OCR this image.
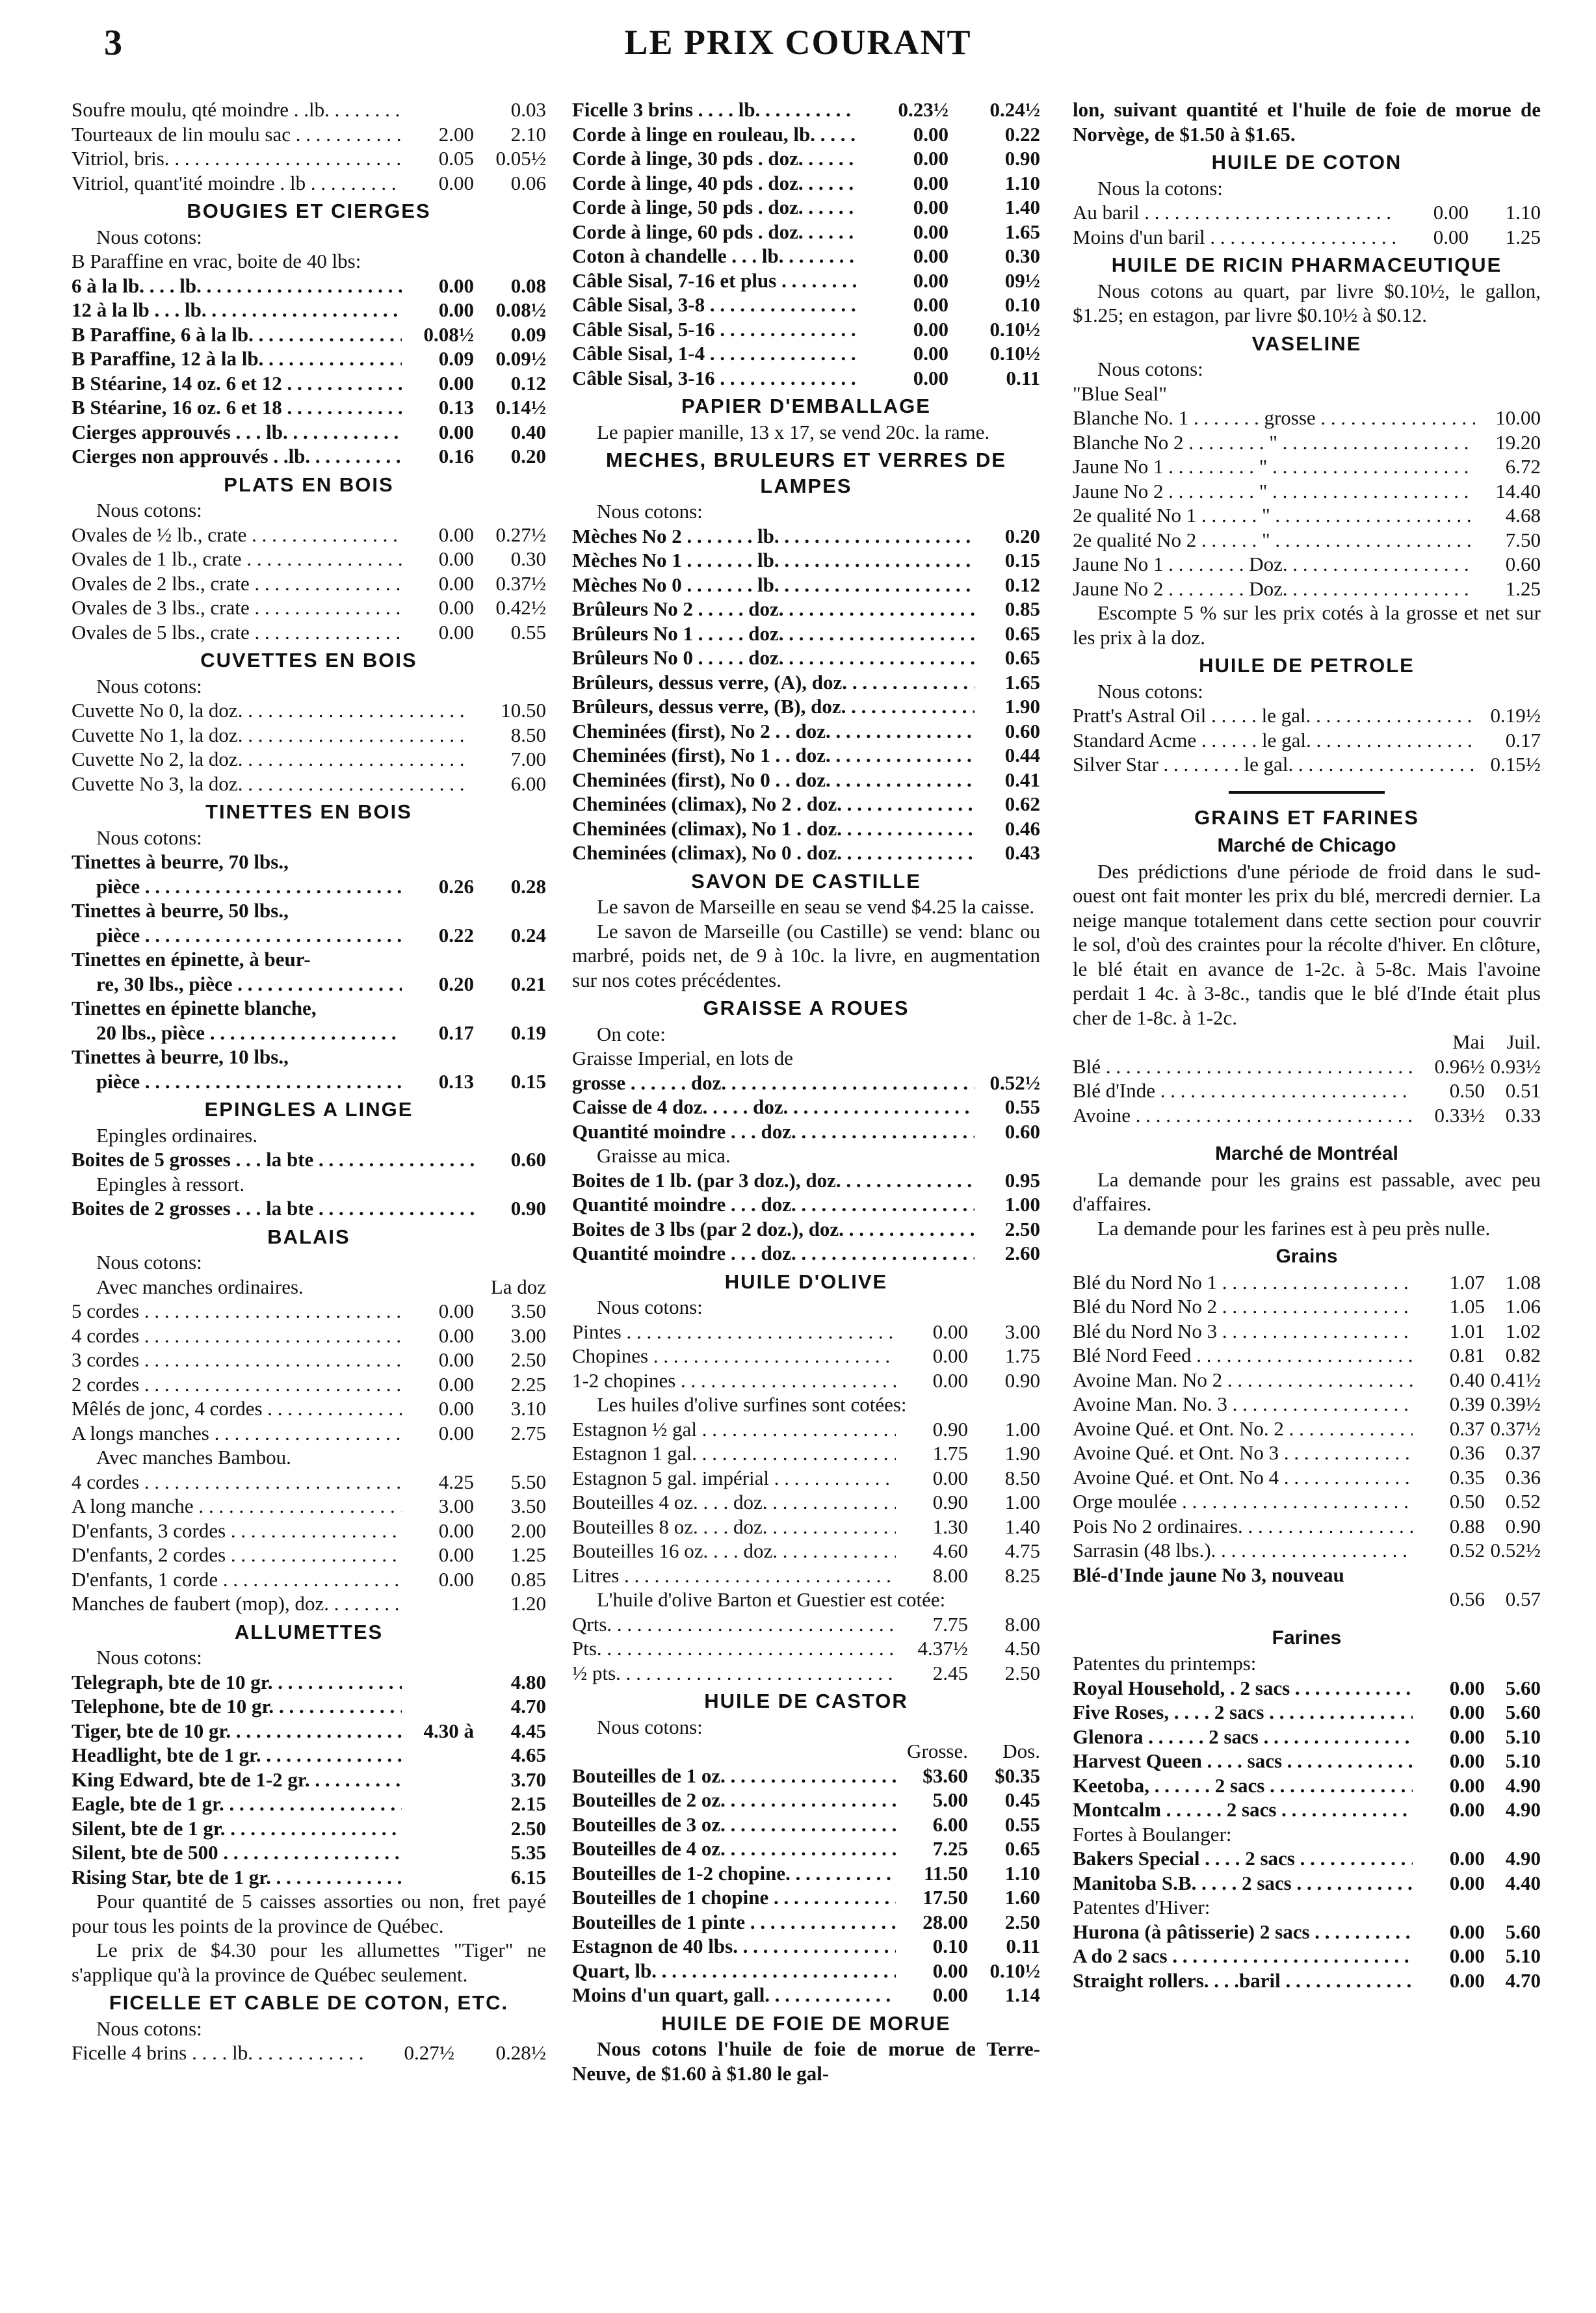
3	LE PRIX COURANT
Soufre moulu, qté moindre . .lb. . . .	0.03
Tourteaux de lin moulu sac . . .	2.00	2.10
Vitriol, bris. . . .	0.05	0.05½
Vitriol, quant'ité moindre . lb . . .	0.00	0.06
BOUGIES ET CIERGES
Nous cotons:
B Paraffine en vrac, boite de 40 lbs:
6 à la lb. . . . lb. . . .	0.00	0.08
12 à la lb . . . lb. . . .	0.00	0.08½
B Paraffine, 6 à la lb. . . . . .	0.08½	0.09
B Paraffine, 12 à la lb. . . . . .	0.09	0.09½
B Stéarine, 14 oz. 6 et 12 . . . . .	0.00	0.12
B Stéarine, 16 oz. 6 et 18 . . . .	0.13	0.14½
Cierges approuvés . . . lb. . . .	0.00	0.40
Cierges non approuvés . .lb. . . .	0.16	0.20
PLATS EN BOIS
Nous cotons:
Ovales de ½ lb., crate . . .	0.00	0.27½
Ovales de 1 lb., crate . . .	0.00	0.30
Ovales de 2 lbs., crate . . .	0.00	0.37½
Ovales de 3 lbs., crate . . .	0.00	0.42½
Ovales de 5 lbs., crate . . .	0.00	0.55
CUVETTES EN BOIS
Nous cotons:
Cuvette No 0, la doz. . . .	10.50
Cuvette No 1, la doz. . . .	8.50
Cuvette No 2, la doz. . . .	7.00
Cuvette No 3, la doz. . . .	6.00
TINETTES EN BOIS
Nous cotons:
Tinettes à beurre, 70 lbs.,
pièce . . .	0.26	0.28
Tinettes à beurre, 50 lbs.,
pièce . . .	0.22	0.24
Tinettes en épinette, à beur-
re, 30 lbs., pièce . . .	0.20	0.21
Tinettes en épinette blanche,
20 lbs., pièce . . .	0.17	0.19
Tinettes à beurre, 10 lbs.,
pièce . . .	0.13	0.15
EPINGLES A LINGE
Epingles ordinaires.
Boites de 5 grosses . . . la bte . . .	0.60
Epingles à ressort.
Boites de 2 grosses . . . la bte . . .	0.90
BALAIS
Nous cotons:
Avec manches ordinaires.	La doz
5 cordes . . .	0.00	3.50
4 cordes . . .	0.00	3.00
3 cordes . . .	0.00	2.50
2 cordes . . .	0.00	2.25
Mêlés de jonc, 4 cordes . . .	0.00	3.10
A longs manches . . .	0.00	2.75
Avec manches Bambou.
4 cordes . . .	4.25	5.50
A long manche . . .	3.00	3.50
D'enfants, 3 cordes . . .	0.00	2.00
D'enfants, 2 cordes . . .	0.00	1.25
D'enfants, 1 corde . . .	0.00	0.85
Manches de faubert (mop), doz. . . .	1.20
ALLUMETTES
Nous cotons:
Telegraph, bte de 10 gr. . . .	4.80
Telephone, bte de 10 gr. . . .	4.70
Tiger, bte de 10 gr. . . . . . .	4.30 à	4.45
Headlight, bte de 1 gr. . . .	4.65
King Edward, bte de 1-2 gr. . . .	3.70
Eagle, bte de 1 gr. . . .	2.15
Silent, bte de 1 gr. . . .	2.50
Silent, bte de 500 . . .	5.35
Rising Star, bte de 1 gr. . . .	6.15
Pour quantité de 5 caisses assorties ou non, fret payé pour tous les points de la province de Québec.
Le prix de $4.30 pour les allumettes "Tiger" ne s'applique qu'à la province de Québec seulement.
FICELLE ET CABLE DE COTON, ETC.
Nous cotons:
Ficelle 4 brins . . . . lb. . . .	0.27½	0.28½
Ficelle 3 brins . . . . lb. . . .	0.23½	0.24½
Corde à linge en rouleau, lb. . . .	0.00	0.22
Corde à linge, 30 pds . doz. . . .	0.00	0.90
Corde à linge, 40 pds . doz. . . .	0.00	1.10
Corde à linge, 50 pds . doz. . . .	0.00	1.40
Corde à linge, 60 pds . doz. . . .	0.00	1.65
Coton à chandelle . . . lb. . . .	0.00	0.30
Câble Sisal, 7-16 et plus . . . . .	0.00	09½
Câble Sisal, 3-8 . . .	0.00	0.10
Câble Sisal, 5-16 . . .	0.00	0.10½
Câble Sisal, 1-4 . . .	0.00	0.10½
Câble Sisal, 3-16 . . .	0.00	0.11
PAPIER D'EMBALLAGE
Le papier manille, 13 x 17, se vend 20c. la rame.
MECHES, BRULEURS ET VERRES DE
LAMPES
Nous cotons:
Mèches No 2 . . . . . . . lb. . . .	0.20
Mèches No 1 . . . . . . . lb. . . .	0.15
Mèches No 0 . . . . . . . lb. . . .	0.12
Brûleurs No 2 . . . . . doz. . . .	0.85
Brûleurs No 1 . . . . . doz. . . .	0.65
Brûleurs No 0 . . . . . doz. . . .	0.65
Brûleurs, dessus verre, (A), doz. . . .	1.65
Brûleurs, dessus verre, (B), doz. . . .	1.90
Cheminées (first), No 2 . . doz. . . .	0.60
Cheminées (first), No 1 . . doz. . . .	0.44
Cheminées (first), No 0 . . doz. . . .	0.41
Cheminées (climax), No 2 . doz. . . .	0.62
Cheminées (climax), No 1 . doz. . . .	0.46
Cheminées (climax), No 0 . doz. . . .	0.43
SAVON DE CASTILLE
Le savon de Marseille en seau se vend $4.25 la caisse.
Le savon de Marseille (ou Castille) se vend: blanc ou marbré, poids net, de 9 à 10c. la livre, en augmentation sur nos cotes précédentes.
GRAISSE A ROUES
On cote:
Graisse Imperial, en lots de
grosse . . . . . . doz. . . .	0.52½
Caisse de 4 doz. . . . . doz. . . .	0.55
Quantité moindre . . . doz. . . .	0.60
Graisse au mica.
Boites de 1 lb. (par 3 doz.), doz. . . .	0.95
Quantité moindre . . . doz. . . .	1.00
Boites de 3 lbs (par 2 doz.), doz. . . .	2.50
Quantité moindre . . . doz. . . .	2.60
HUILE D'OLIVE
Nous cotons:
Pintes . . .	0.00	3.00
Chopines . . .	0.00	1.75
1-2 chopines . . .	0.00	0.90
Les huiles d'olive surfines sont cotées:
Estagnon ½ gal . . .	0.90	1.00
Estagnon 1 gal. . . .	1.75	1.90
Estagnon 5 gal. impérial . . . . .	0.00	8.50
Bouteilles 4 oz. . . . doz. . . .	0.90	1.00
Bouteilles 8 oz. . . . doz. . . .	1.30	1.40
Bouteilles 16 oz. . . . doz. . . .	4.60	4.75
Litres . . .	8.00	8.25
L'huile d'olive Barton et Guestier est cotée:
Qrts. . . .	7.75	8.00
Pts. . . .	4.37½	4.50
½ pts. . . .	2.45	2.50
HUILE DE CASTOR
Nous cotons:
Grosse.	Dos.
Bouteilles de 1 oz. . . . . . .	$3.60	$0.35
Bouteilles de 2 oz. . . . . . .	5.00	0.45
Bouteilles de 3 oz. . . . . . .	6.00	0.55
Bouteilles de 4 oz. . . . . . .	7.25	0.65
Bouteilles de 1-2 chopine. . . .	11.50	1.10
Bouteilles de 1 chopine . . . .	17.50	1.60
Bouteilles de 1 pinte . . . . .	28.00	2.50
Estagnon de 40 lbs. . . . . . .	0.10	0.11
Quart, lb. . . . . . . . . . .	0.00	0.10½
Moins d'un quart, gall. . . . . .	0.00	1.14
HUILE DE FOIE DE MORUE
Nous cotons l'huile de foie de morue de Terre-Neuve, de $1.60 à $1.80 le gal-
lon, suivant quantité et l'huile de foie de morue de Norvège, de $1.50 à $1.65.
HUILE DE COTON
Nous la cotons:
Au baril . . .	0.00	1.10
Moins d'un baril . . .	0.00	1.25
HUILE DE RICIN PHARMACEUTIQUE
Nous cotons au quart, par livre $0.10½, le gallon, $1.25; en estagon, par livre $0.10½ à $0.12.
VASELINE
Nous cotons:
"Blue Seal"
Blanche No. 1 . . . . . . . grosse . . .	10.00
Blanche No 2 . . . . . . . . " . . .	19.20
Jaune No 1 . . . . . . . . . " . . .	6.72
Jaune No 2 . . . . . . . . . " . . .	14.40
2e qualité No 1 . . . . . . " . . .	4.68
2e qualité No 2 . . . . . . " . . .	7.50
Jaune No 1 . . . . . . . . Doz. . . .	0.60
Jaune No 2 . . . . . . . . Doz. . . .	1.25
Escompte 5 % sur les prix cotés à la grosse et net sur les prix à la doz.
HUILE DE PETROLE
Nous cotons:
Pratt's Astral Oil . . . . . le gal. . . .	0.19½
Standard Acme . . . . . . le gal. . . .	0.17
Silver Star . . . . . . . . le gal. . . .	0.15½
GRAINS ET FARINES
Marché de Chicago
Des prédictions d'une période de froid dans le sud-ouest ont fait monter les prix du blé, mercredi dernier. La neige manque totalement dans cette section pour couvrir le sol, d'où des craintes pour la récolte d'hiver. En clôture, le blé était en avance de 1-2c. à 5-8c. Mais l'avoine perdait 1 4c. à 3-8c., tandis que le blé d'Inde était plus cher de 1-8c. à 1-2c.
Mai	Juil.
Blé . . .	0.96½ 0.93½
Blé d'Inde . . .	0.50	0.51
Avoine . . .	0.33½	0.33
Marché de Montréal
La demande pour les grains est passable, avec peu d'affaires.
La demande pour les farines est à peu près nulle.
Grains
Blé du Nord No 1 . . . . . . .	1.07	1.08
Blé du Nord No 2 . . . . . . .	1.05	1.06
Blé du Nord No 3 . . . . . . .	1.01	1.02
Blé Nord Feed . . .	0.81	0.82
Avoine Man. No 2 . . . . . . .	0.40 0.41½
Avoine Man. No. 3 . . . . . . .	0.39 0.39½
Avoine Qué. et Ont. No. 2 . . .	0.37 0.37½
Avoine Qué. et Ont. No 3 . . . .	0.36	0.37
Avoine Qué. et Ont. No 4 . . . .	0.35	0.36
Orge moulée . . .	0.50	0.52
Pois No 2 ordinaires. . . . . .	0.88	0.90
Sarrasin (48 lbs.). . . . . . .	0.52 0.52½
Blé-d'Inde jaune No 3, nouveau
0.56	0.57
Farines
Patentes du printemps:
Royal Household, . 2 sacs . . .	0.00	5.60
Five Roses, . . . . 2 sacs . . .	0.00	5.60
Glenora . . . . . . 2 sacs . . .	0.00	5.10
Harvest Queen . . . . sacs . . .	0.00	5.10
Keetoba, . . . . . . 2 sacs . . .	0.00	4.90
Montcalm . . . . . . 2 sacs . . .	0.00	4.90
Fortes à Boulanger:
Bakers Special . . . . 2 sacs . . .	0.00	4.90
Manitoba S.B. . . . . 2 sacs . . .	0.00	4.40
Patentes d'Hiver:
Hurona (à pâtisserie) 2 sacs . . .	0.00	5.60
A do 2 sacs . . .	0.00	5.10
Straight rollers. . . .baril . . .	0.00	4.70
